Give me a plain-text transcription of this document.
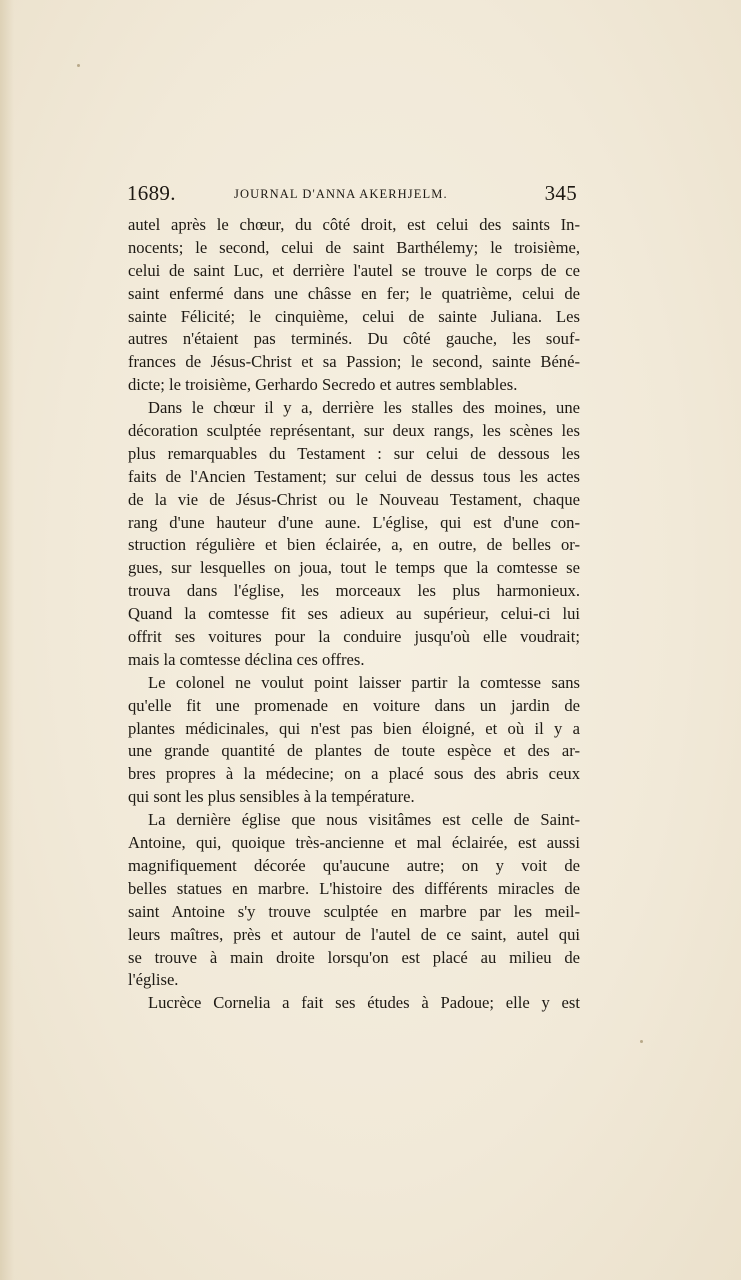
1689.	JOURNAL D'ANNA AKERHJELM.	345
autel après le chœur, du côté droit, est celui des saints In-
nocents; le second, celui de saint Barthélemy; le troisième,
celui de saint Luc, et derrière l'autel se trouve le corps de ce
saint enfermé dans une châsse en fer; le quatrième, celui de
sainte Félicité; le cinquième, celui de sainte Juliana. Les
autres n'étaient pas terminés. Du côté gauche, les souf-
frances de Jésus-Christ et sa Passion; le second, sainte Béné-
dicte; le troisième, Gerhardo Secredo et autres semblables.
Dans le chœur il y a, derrière les stalles des moines, une
décoration sculptée représentant, sur deux rangs, les scènes les
plus remarquables du Testament : sur celui de dessous les
faits de l'Ancien Testament; sur celui de dessus tous les actes
de la vie de Jésus-Christ ou le Nouveau Testament, chaque
rang d'une hauteur d'une aune. L'église, qui est d'une con-
struction régulière et bien éclairée, a, en outre, de belles or-
gues, sur lesquelles on joua, tout le temps que la comtesse se
trouva dans l'église, les morceaux les plus harmonieux.
Quand la comtesse fit ses adieux au supérieur, celui-ci lui
offrit ses voitures pour la conduire jusqu'où elle voudrait;
mais la comtesse déclina ces offres.
Le colonel ne voulut point laisser partir la comtesse sans
qu'elle fit une promenade en voiture dans un jardin de
plantes médicinales, qui n'est pas bien éloigné, et où il y a
une grande quantité de plantes de toute espèce et des ar-
bres propres à la médecine; on a placé sous des abris ceux
qui sont les plus sensibles à la température.
La dernière église que nous visitâmes est celle de Saint-
Antoine, qui, quoique très-ancienne et mal éclairée, est aussi
magnifiquement décorée qu'aucune autre; on y voit de
belles statues en marbre. L'histoire des différents miracles de
saint Antoine s'y trouve sculptée en marbre par les meil-
leurs maîtres, près et autour de l'autel de ce saint, autel qui
se trouve à main droite lorsqu'on est placé au milieu de
l'église.
Lucrèce Cornelia a fait ses études à Padoue; elle y est
